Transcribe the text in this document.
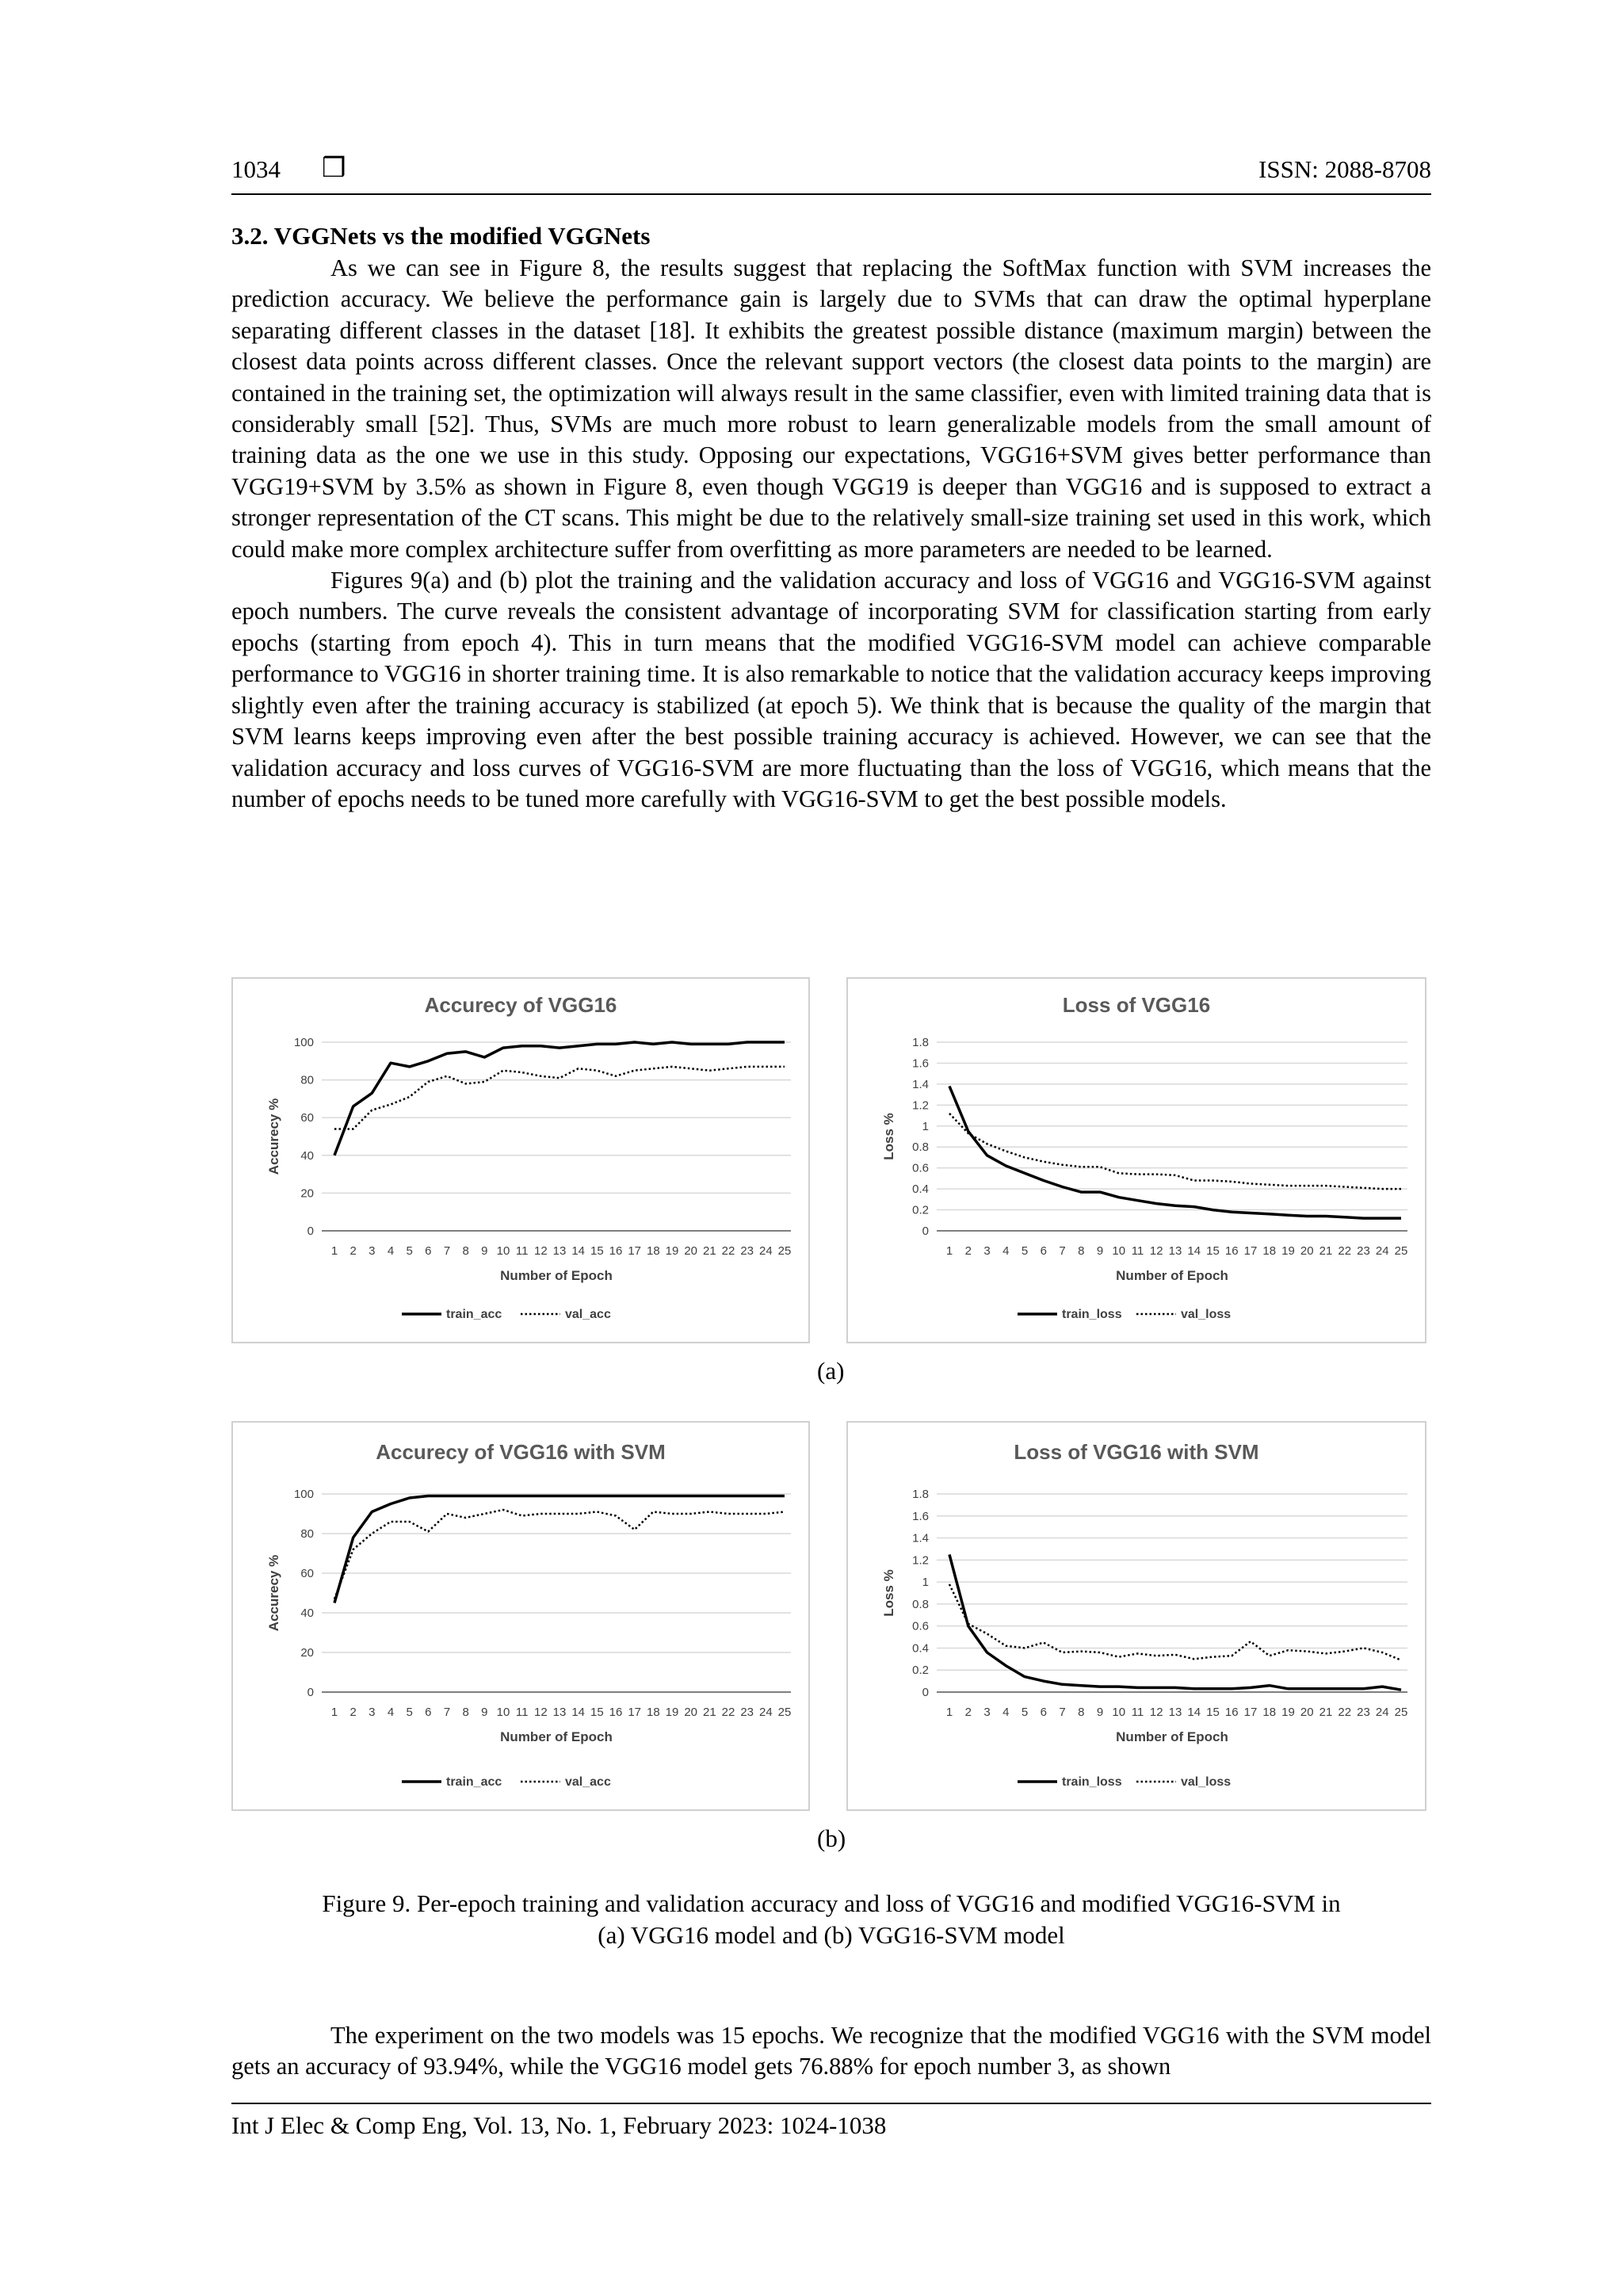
1034 ❒	ISSN: 2088-8708
3.2. VGGNets vs the modified VGGNets

As we can see in Figure 8, the results suggest that replacing the SoftMax function with SVM increases the prediction accuracy. We believe the performance gain is largely due to SVMs that can draw the optimal hyperplane separating different classes in the dataset [18]. It exhibits the greatest possible distance (maximum margin) between the closest data points across different classes. Once the relevant support vectors (the closest data points to the margin) are contained in the training set, the optimization will always result in the same classifier, even with limited training data that is considerably small [52]. Thus, SVMs are much more robust to learn generalizable models from the small amount of training data as the one we use in this study. Opposing our expectations, VGG16+SVM gives better performance than VGG19+SVM by 3.5% as shown in Figure 8, even though VGG19 is deeper than VGG16 and is supposed to extract a stronger representation of the CT scans. This might be due to the relatively small-size training set used in this work, which could make more complex architecture suffer from overfitting as more parameters are needed to be learned.

Figures 9(a) and (b) plot the training and the validation accuracy and loss of VGG16 and VGG16-SVM against epoch numbers. The curve reveals the consistent advantage of incorporating SVM for classification starting from early epochs (starting from epoch 4). This in turn means that the modified VGG16-SVM model can achieve comparable performance to VGG16 in shorter training time. It is also remarkable to notice that the validation accuracy keeps improving slightly even after the training accuracy is stabilized (at epoch 5). We think that is because the quality of the margin that SVM learns keeps improving even after the best possible training accuracy is achieved. However, we can see that the validation accuracy and loss curves of VGG16-SVM are more fluctuating than the loss of VGG16, which means that the number of epochs needs to be tuned more carefully with VGG16-SVM to get the best possible models.

Accurecy of VGG16
0
20
40
60
80
100
1 2 3 4 5 6 7 8 9 10 11 12 13 14 15 16 17 18 19 20 21 22 23 24 25
Number of Epoch
Accurecy %
train_acc	val_acc
Loss of VGG16
0
0.2
0.4
0.6
0.8
1
1.2
1.4
1.6
1.8
1 2 3 4 5 6 7 8 9 10 11 12 13 14 15 16 17 18 19 20 21 22 23 24 25
Number of Epoch
Loss %
train_loss	val_loss
(a)
Accurecy of VGG16 with SVM
0
20
40
60
80
100
1 2 3 4 5 6 7 8 9 10 11 12 13 14 15 16 17 18 19 20 21 22 23 24 25
Number of Epoch
Accurecy %
train_acc	val_acc
Loss of VGG16 with SVM
0
0.2
0.4
0.6
0.8
1
1.2
1.4
1.6
1.8
1 2 3 4 5 6 7 8 9 10 11 12 13 14 15 16 17 18 19 20 21 22 23 24 25
Number of Epoch
Loss %
train_loss	val_loss
(b)
Figure 9. Per-epoch training and validation accuracy and loss of VGG16 and modified VGG16-SVM in
(a) VGG16 model and (b) VGG16-SVM model

The experiment on the two models was 15 epochs. We recognize that the modified VGG16 with the SVM model gets an accuracy of 93.94%, while the VGG16 model gets 76.88% for epoch number 3, as shown

Int J Elec & Comp Eng, Vol. 13, No. 1, February 2023: 1024-1038
